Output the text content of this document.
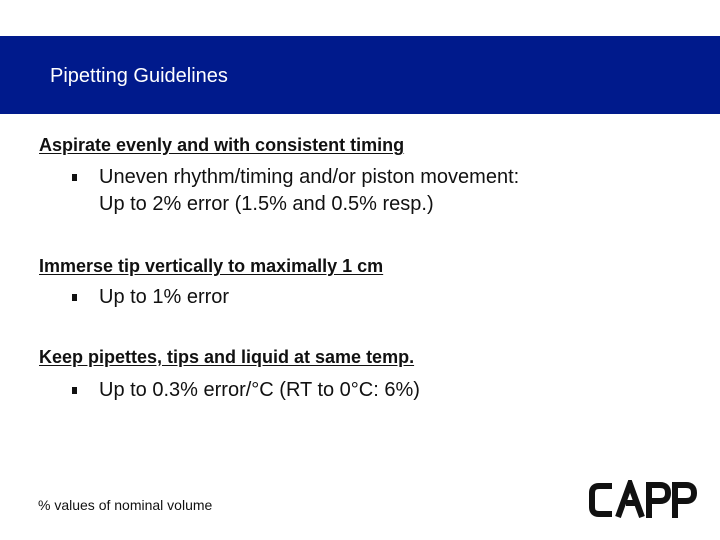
Pipetting Guidelines
Aspirate evenly and with consistent timing
Uneven rhythm/timing and/or piston movement:
Up to 2% error (1.5% and 0.5% resp.)
Immerse tip vertically to maximally 1 cm
Up to 1% error
Keep pipettes, tips and liquid at same temp.
Up to 0.3% error/°C (RT to 0°C: 6%)
% values of nominal volume
